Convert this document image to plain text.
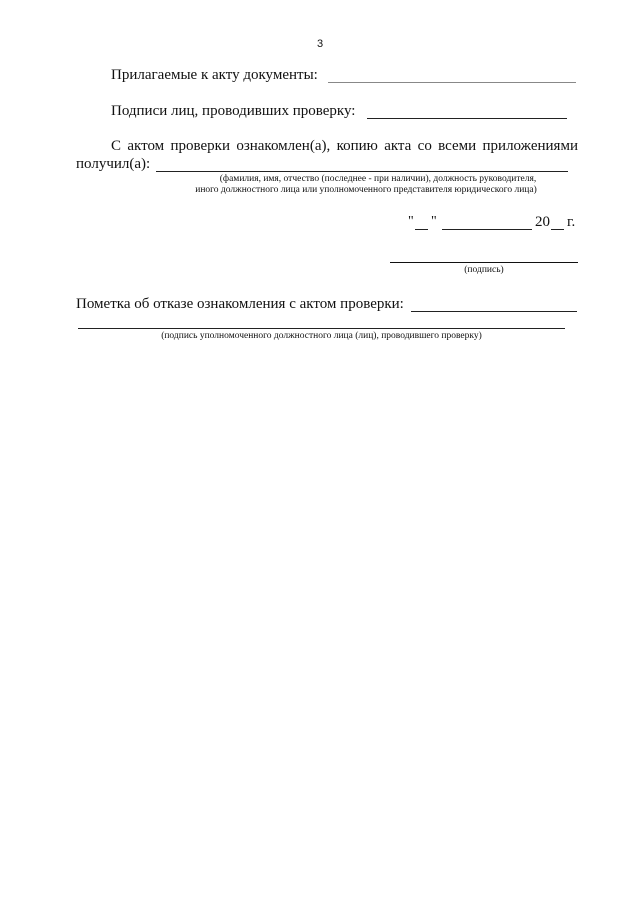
3
Прилагаемые к акту документы:
Подписи лиц, проводивших проверку:
С актом проверки ознакомлен(а), копию акта со всеми приложениями
получил(а):
(фамилия, имя, отчество (последнее - при наличии), должность руководителя,
иного должностного лица или уполномоченного представителя юридического лица)
" "	20 г.
(подпись)
Пометка об отказе ознакомления с актом проверки:
(подпись уполномоченного должностного лица (лиц), проводившего проверку)
